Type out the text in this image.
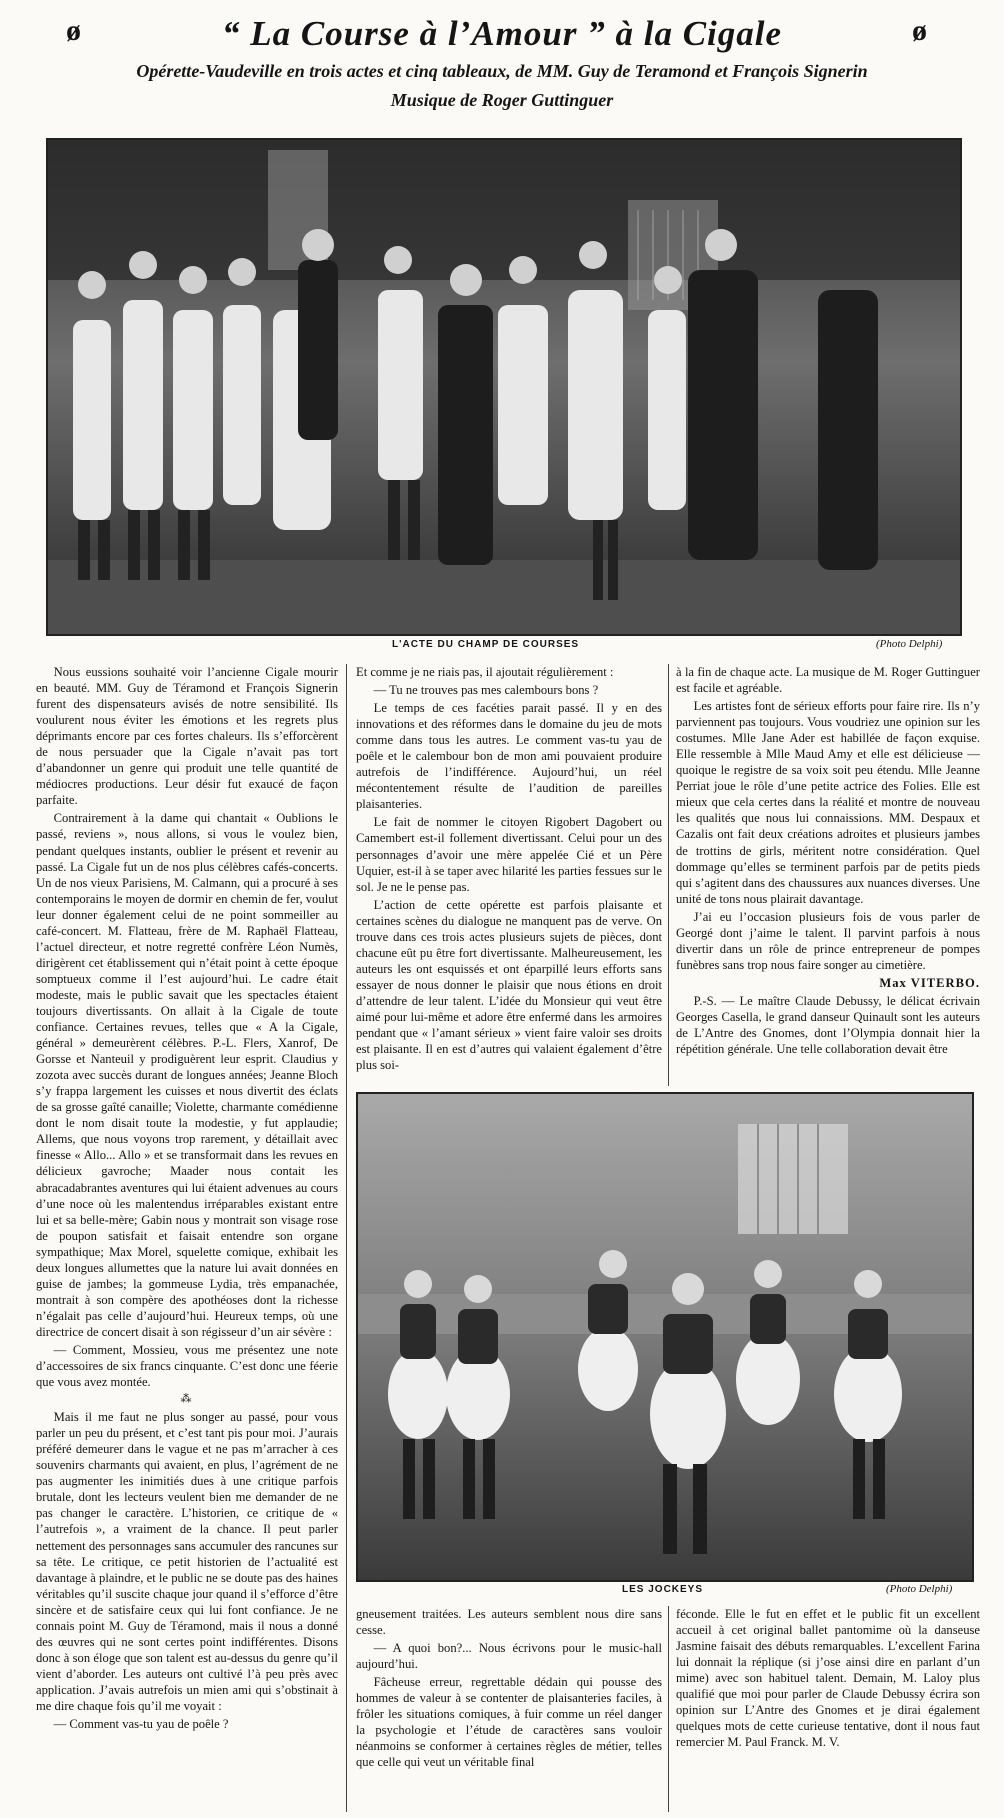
ø	“ La Course à l’Amour ” à la Cigale	ø
Opérette-Vaudeville en trois actes et cinq tableaux, de MM. Guy de Teramond et François Signerin
Musique de Roger Guttinguer
L'ACTE DU CHAMP DE COURSES	(Photo Delphi)

Nous eussions souhaité voir l’ancienne Cigale mourir en beauté. MM. Guy de Téramond et François Signerin furent des dispensateurs avisés de notre sensibilité. Ils voulurent nous éviter les émotions et les regrets plus déprimants encore par ces fortes chaleurs. Ils s’efforcèrent de nous persuader que la Cigale n’avait pas tort d’abandonner un genre qui produit une telle quantité de médiocres productions. Leur désir fut exaucé de façon parfaite.

Contrairement à la dame qui chantait « Oublions le passé, reviens », nous allons, si vous le voulez bien, pendant quelques instants, oublier le présent et revenir au passé. La Cigale fut un de nos plus célèbres cafés-concerts. Un de nos vieux Parisiens, M. Calmann, qui a procuré à ses contemporains le moyen de dormir en chemin de fer, voulut leur donner également celui de ne point sommeiller au café-concert. M. Flatteau, frère de M. Raphaël Flatteau, l’actuel directeur, et notre regretté confrère Léon Numès, dirigèrent cet établissement qui n’était point à cette époque somptueux comme il l’est aujourd’hui. Le cadre était modeste, mais le public savait que les spectacles étaient toujours divertissants. On allait à la Cigale de toute confiance. Certaines revues, telles que « A la Cigale, général » demeurèrent célèbres. P.-L. Flers, Xanrof, De Gorsse et Nanteuil y prodiguèrent leur esprit. Claudius y zozota avec succès durant de longues années; Jeanne Bloch s’y frappa largement les cuisses et nous divertit des éclats de sa grosse gaîté canaille; Violette, charmante comédienne dont le nom disait toute la modestie, y fut applaudie; Allems, que nous voyons trop rarement, y détaillait avec finesse « Allo... Allo » et se transformait dans les revues en délicieux gavroche; Maader nous contait les abracadabrantes aventures qui lui étaient advenues au cours d’une noce où les malentendus irréparables existant entre lui et sa belle-mère; Gabin nous y montrait son visage rose de poupon satisfait et faisait entendre son organe sympathique; Max Morel, squelette comique, exhibait les deux longues allumettes que la nature lui avait données en guise de jambes; la gommeuse Lydia, très empanachée, montrait à son compère des apothéoses dont la richesse n’égalait pas celle d’aujourd’hui. Heureux temps, où une directrice de concert disait à son régisseur d’un air sévère :

— Comment, Mossieu, vous me présentez une note d’accessoires de six francs cinquante. C’est donc une féerie que vous avez montée.

⁂

Mais il me faut ne plus songer au passé, pour vous parler un peu du présent, et c’est tant pis pour moi. J’aurais préféré demeurer dans le vague et ne pas m’arracher à ces souvenirs charmants qui avaient, en plus, l’agrément de ne pas augmenter les inimitiés dues à une critique parfois brutale, dont les lecteurs veulent bien me demander de ne pas changer le caractère. L’historien, ce critique de « l’autrefois », a vraiment de la chance. Il peut parler nettement des personnages sans accumuler des rancunes sur sa tête. Le critique, ce petit historien de l’actualité est davantage à plaindre, et le public ne se doute pas des haines véritables qu’il suscite chaque jour quand il s’efforce d’être sincère et de satisfaire ceux qui lui font confiance. Je ne connais point M. Guy de Téramond, mais il nous a donné des œuvres qui ne sont certes point indifférentes. Disons donc à son éloge que son talent est au-dessus du genre qu’il vient d’aborder. Les auteurs ont cultivé l’à peu près avec application. J’avais autrefois un mien ami qui s’obstinait à me dire chaque fois qu’il me voyait :

— Comment vas-tu yau de poêle ?

Et comme je ne riais pas, il ajoutait régulièrement :

— Tu ne trouves pas mes calembours bons ?

Le temps de ces facéties parait passé. Il y en des innovations et des réformes dans le domaine du jeu de mots comme dans tous les autres. Le comment vas-tu yau de poêle et le calembour bon de mon ami pouvaient produire autrefois de l’indifférence. Aujourd’hui, un réel mécontentement résulte de l’audition de pareilles plaisanteries.

Le fait de nommer le citoyen Rigobert Dagobert ou Camembert est-il follement divertissant. Celui pour un des personnages d’avoir une mère appelée Cié et un Père Uquier, est-il à se taper avec hilarité les parties fessues sur le sol. Je ne le pense pas.

L’action de cette opérette est parfois plaisante et certaines scènes du dialogue ne manquent pas de verve. On trouve dans ces trois actes plusieurs sujets de pièces, dont chacune eût pu être fort divertissante. Malheureusement, les auteurs les ont esquissés et ont éparpillé leurs efforts sans essayer de nous donner le plaisir que nous étions en droit d’attendre de leur talent. L’idée du Monsieur qui veut être aimé pour lui-même et adore être enfermé dans les armoires pendant que « l’amant sérieux » vient faire valoir ses droits est plaisante. Il en est d’autres qui valaient également d’être plus soi-

à la fin de chaque acte. La musique de M. Roger Guttinguer est facile et agréable.

Les artistes font de sérieux efforts pour faire rire. Ils n’y parviennent pas toujours. Vous voudriez une opinion sur les costumes. Mlle Jane Ader est habillée de façon exquise. Elle ressemble à Mlle Maud Amy et elle est délicieuse — quoique le registre de sa voix soit peu étendu. Mlle Jeanne Perriat joue le rôle d’une petite actrice des Folies. Elle est mieux que cela certes dans la réalité et montre de nouveau les qualités que nous lui connaissions. MM. Despaux et Cazalis ont fait deux créations adroites et plusieurs jambes de trottins de girls, méritent notre considération. Quel dommage qu’elles se terminent parfois par de petits pieds qui s’agitent dans des chaussures aux nuances diverses. Une unité de tons nous plairait davantage.

J’ai eu l’occasion plusieurs fois de vous parler de Georgé dont j’aime le talent. Il parvint parfois à nous divertir dans un rôle de prince entrepreneur de pompes funèbres sans trop nous faire songer au cimetière.

Max VITERBO.

P.-S. — Le maître Claude Debussy, le délicat écrivain Georges Casella, le grand danseur Quinault sont les auteurs de L’Antre des Gnomes, dont l’Olympia donnait hier la répétition générale. Une telle collaboration devait être

LES JOCKEYS	(Photo Delphi)

gneusement traitées. Les auteurs semblent nous dire sans cesse.

— A quoi bon?... Nous écrivons pour le music-hall aujourd’hui.

Fâcheuse erreur, regrettable dédain qui pousse des hommes de valeur à se contenter de plaisanteries faciles, à frôler les situations comiques, à fuir comme un réel danger la psychologie et l’étude de caractères sans vouloir néanmoins se conformer à certaines règles de métier, telles que celle qui veut un véritable final

féconde. Elle le fut en effet et le public fit un excellent accueil à cet original ballet pantomime où la danseuse Jasmine faisait des débuts remarquables. L’excellent Farina lui donnait la réplique (si j’ose ainsi dire en parlant d’un mime) avec son habituel talent. Demain, M. Laloy plus qualifié que moi pour parler de Claude Debussy écrira son opinion sur L’Antre des Gnomes et je dirai également quelques mots de cette curieuse tentative, dont il nous faut remercier M. Paul Franck. M. V.
